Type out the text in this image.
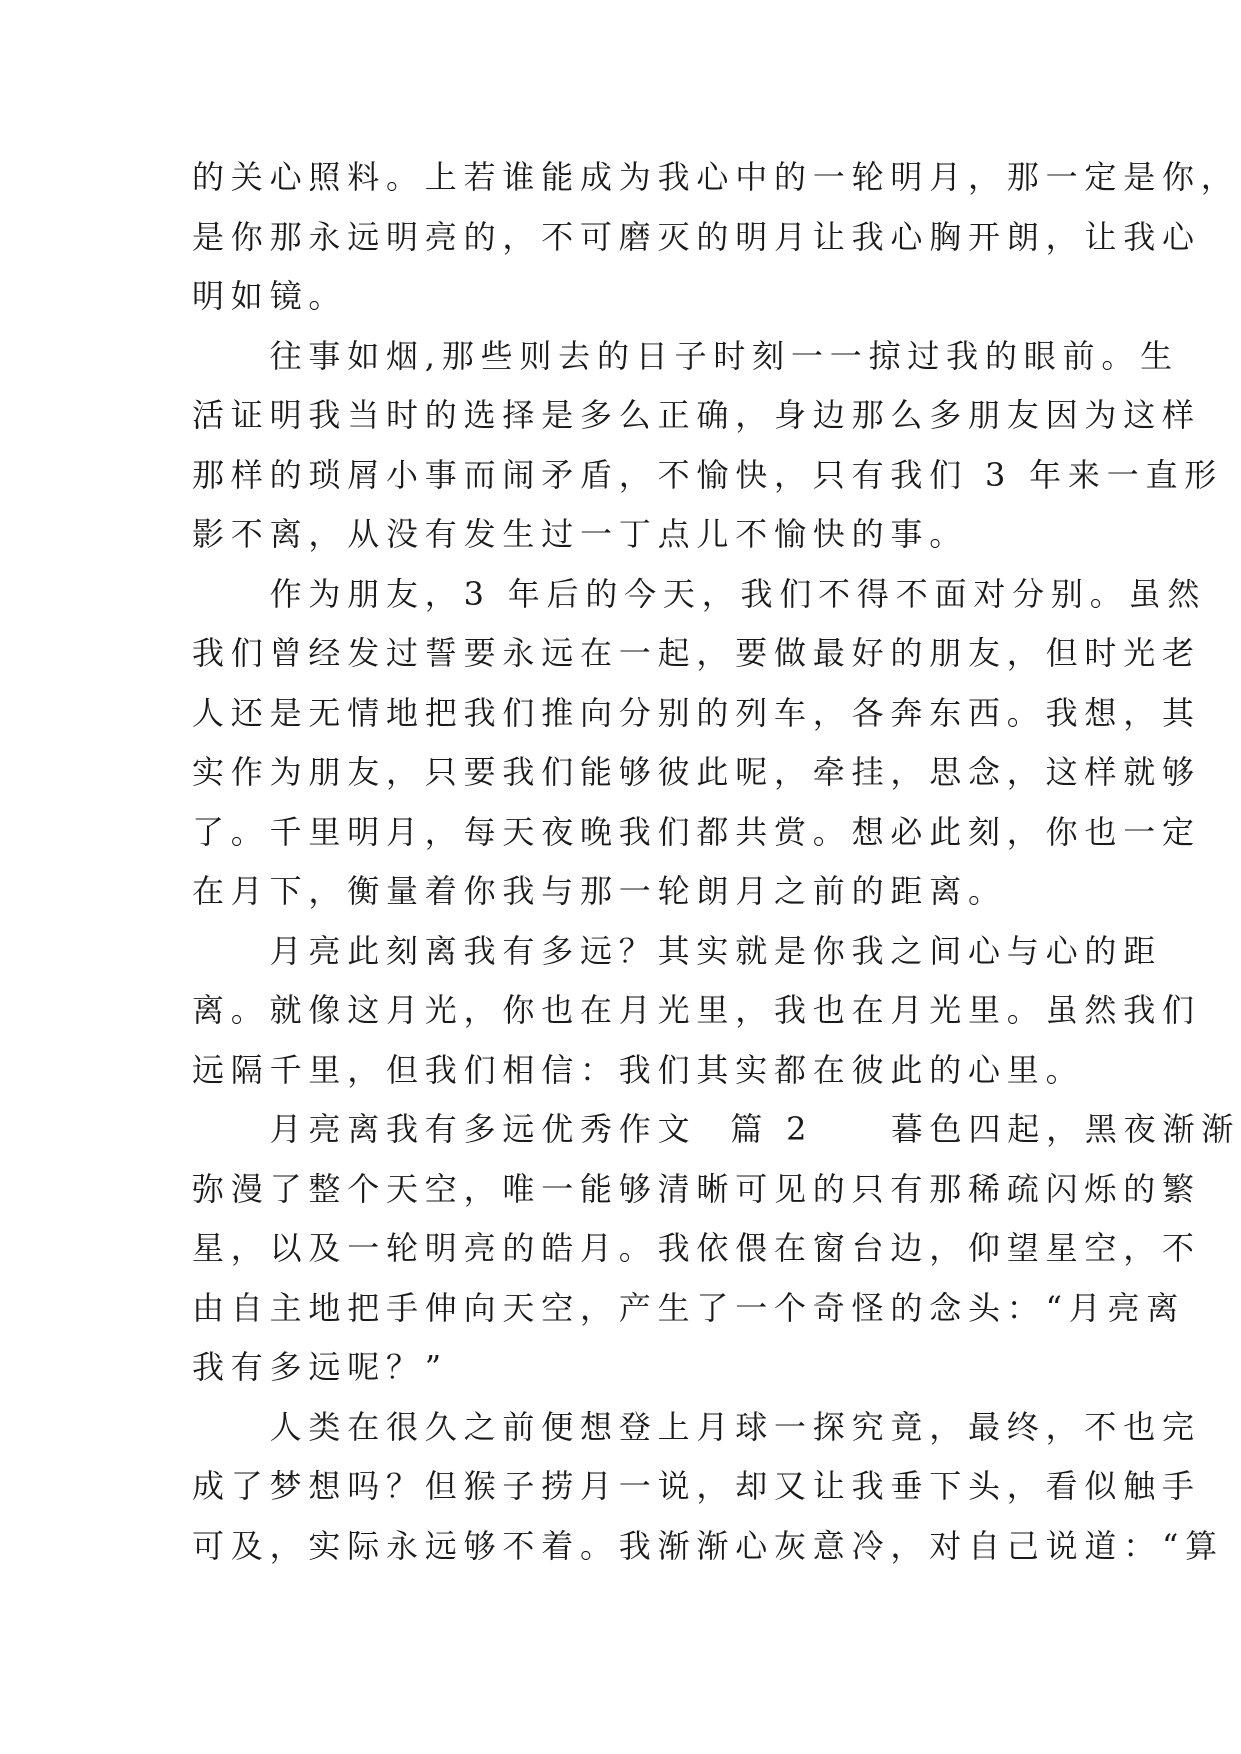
的关心照料。上若谁能成为我心中的一轮明月，那一定是你，
是你那永远明亮的，不可磨灭的明月让我心胸开朗，让我心
明如镜。
　　往事如烟,那些则去的日子时刻一一掠过我的眼前。生
活证明我当时的选择是多么正确，身边那么多朋友因为这样
那样的琐屑小事而闹矛盾，不愉快，只有我们 3 年来一直形
影不离，从没有发生过一丁点儿不愉快的事。
　　作为朋友，3 年后的今天，我们不得不面对分别。虽然
我们曾经发过誓要永远在一起，要做最好的朋友，但时光老
人还是无情地把我们推向分别的列车，各奔东西。我想，其
实作为朋友，只要我们能够彼此呢，牵挂，思念，这样就够
了。千里明月，每天夜晚我们都共赏。想必此刻，你也一定
在月下，衡量着你我与那一轮朗月之前的距离。
　　月亮此刻离我有多远？其实就是你我之间心与心的距
离。就像这月光，你也在月光里，我也在月光里。虽然我们
远隔千里，但我们相信：我们其实都在彼此的心里。
　　月亮离我有多远优秀作文  篇 2　　暮色四起，黑夜渐渐
弥漫了整个天空，唯一能够清晰可见的只有那稀疏闪烁的繁
星，以及一轮明亮的皓月。我依偎在窗台边，仰望星空，不
由自主地把手伸向天空，产生了一个奇怪的念头：“月亮离
我有多远呢？”
　　人类在很久之前便想登上月球一探究竟，最终，不也完
成了梦想吗？但猴子捞月一说，却又让我垂下头，看似触手
可及，实际永远够不着。我渐渐心灰意冷，对自己说道：“算
